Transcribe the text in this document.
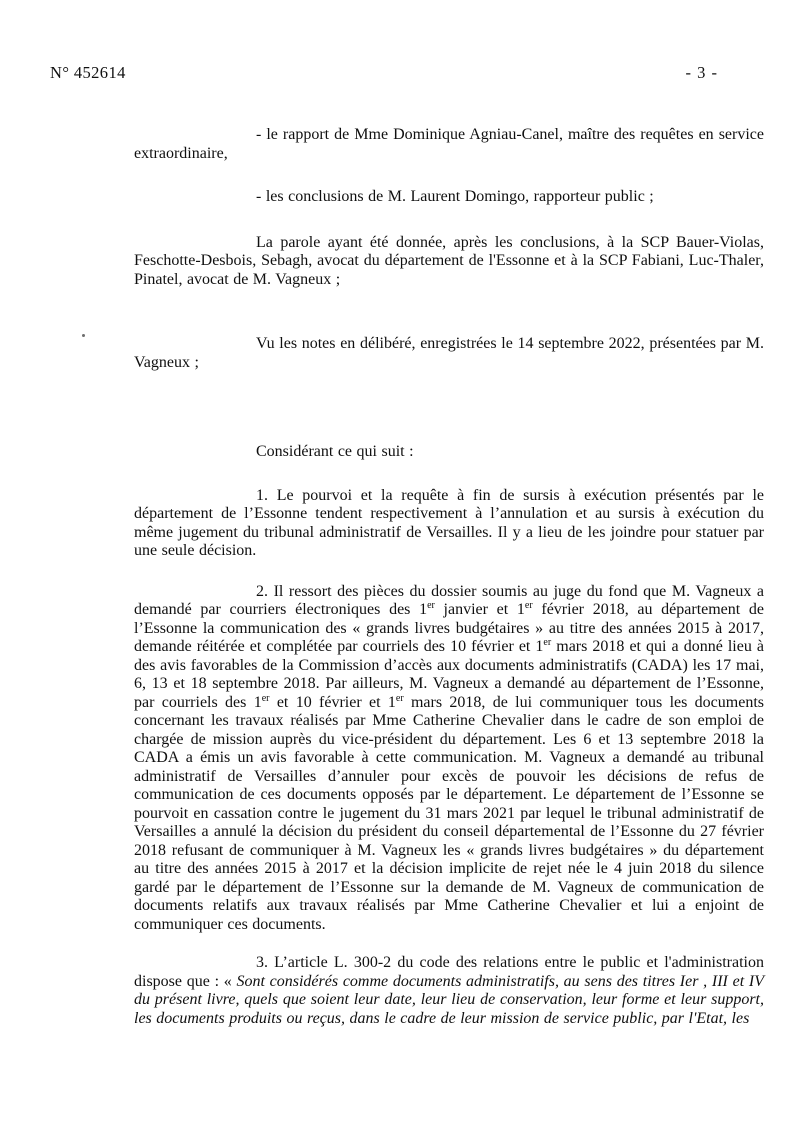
N° 452614	- 3 -

- le rapport de Mme Dominique Agniau-Canel, maître des requêtes en service extraordinaire,

- les conclusions de M. Laurent Domingo, rapporteur public ;

La parole ayant été donnée, après les conclusions, à la SCP Bauer-Violas, Feschotte-Desbois, Sebagh, avocat du département de l'Essonne et à la SCP Fabiani, Luc-Thaler, Pinatel, avocat de M. Vagneux ;

Vu les notes en délibéré, enregistrées le 14 septembre 2022, présentées par M. Vagneux ;

Considérant ce qui suit :

1. Le pourvoi et la requête à fin de sursis à exécution présentés par le département de l’Essonne tendent respectivement à l’annulation et au sursis à exécution du même jugement du tribunal administratif de Versailles. Il y a lieu de les joindre pour statuer par une seule décision.

2. Il ressort des pièces du dossier soumis au juge du fond que M. Vagneux a demandé par courriers électroniques des 1er janvier et 1er février 2018, au département de l’Essonne la communication des « grands livres budgétaires » au titre des années 2015 à 2017, demande réitérée et complétée par courriels des 10 février et 1er mars 2018 et qui a donné lieu à des avis favorables de la Commission d’accès aux documents administratifs (CADA) les 17 mai, 6, 13 et 18 septembre 2018. Par ailleurs, M. Vagneux a demandé au département de l’Essonne, par courriels des 1er et 10 février et 1er mars 2018, de lui communiquer tous les documents concernant les travaux réalisés par Mme Catherine Chevalier dans le cadre de son emploi de chargée de mission auprès du vice-président du département. Les 6 et 13 septembre 2018 la CADA a émis un avis favorable à cette communication. M. Vagneux a demandé au tribunal administratif de Versailles d’annuler pour excès de pouvoir les décisions de refus de communication de ces documents opposés par le département. Le département de l’Essonne se pourvoit en cassation contre le jugement du 31 mars 2021 par lequel le tribunal administratif de Versailles a annulé la décision du président du conseil départemental de l’Essonne du 27 février 2018 refusant de communiquer à M. Vagneux les « grands livres budgétaires » du département au titre des années 2015 à 2017 et la décision implicite de rejet née le 4 juin 2018 du silence gardé par le département de l’Essonne sur la demande de M. Vagneux de communication de documents relatifs aux travaux réalisés par Mme Catherine Chevalier et lui a enjoint de communiquer ces documents.

3. L’article L. 300-2 du code des relations entre le public et l'administration dispose que : « Sont considérés comme documents administratifs, au sens des titres Ier , III et IV du présent livre, quels que soient leur date, leur lieu de conservation, leur forme et leur support, les documents produits ou reçus, dans le cadre de leur mission de service public, par l'Etat, les
